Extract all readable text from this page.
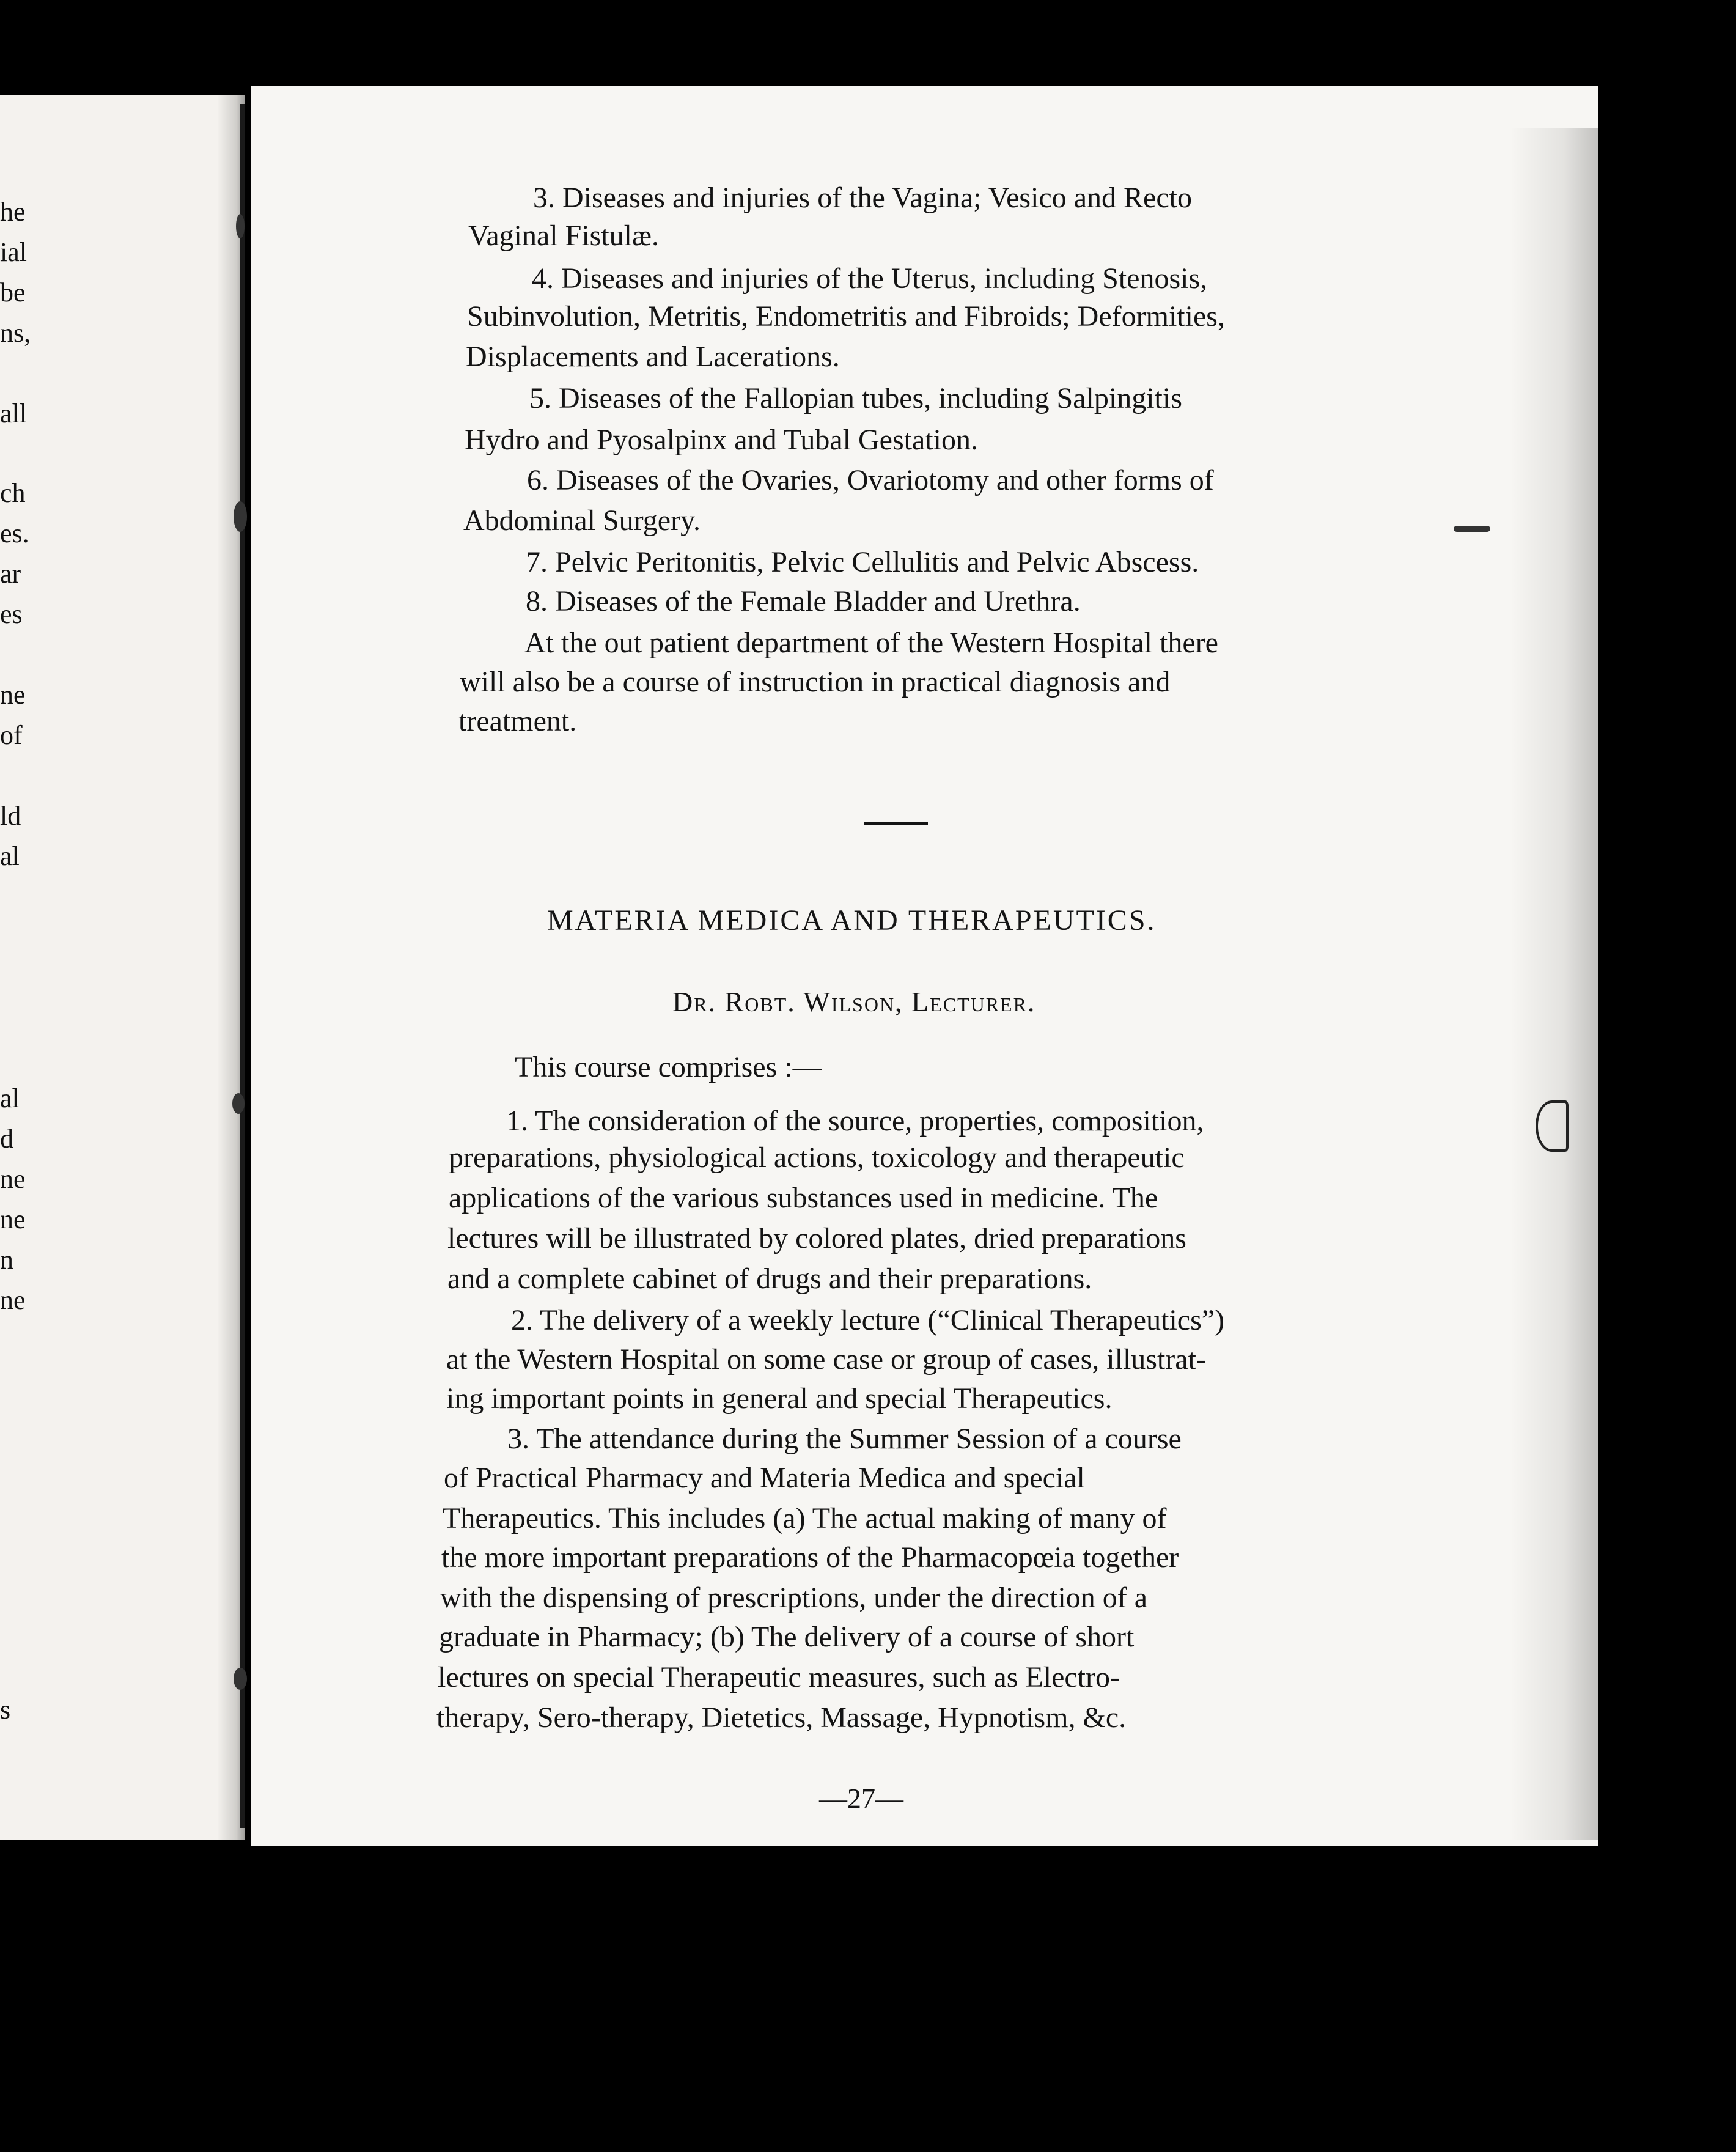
he
ial
be
ns,
all
ch
es.
ar
es
ne
of
ld
al
al
d
ne
ne
n
ne
s
3. Diseases and injuries of the Vagina; Vesico and Recto
Vaginal Fistulæ.
4. Diseases and injuries of the Uterus, including Stenosis,
Subinvolution, Metritis, Endometritis and Fibroids; Deformities,
Displacements and Lacerations.
5. Diseases of the Fallopian tubes, including Salpingitis
Hydro and Pyosalpinx and Tubal Gestation.
6. Diseases of the Ovaries, Ovariotomy and other forms of
Abdominal Surgery.
7. Pelvic Peritonitis, Pelvic Cellulitis and Pelvic Abscess.
8. Diseases of the Female Bladder and Urethra.
At the out patient department of the Western Hospital there
will also be a course of instruction in practical diagnosis and
treatment.
MATERIA MEDICA AND THERAPEUTICS.
Dr. Robt. Wilson, Lecturer.
This course comprises :—
1. The consideration of the source, properties, composition,
preparations, physiological actions, toxicology and therapeutic
applications of the various substances used in medicine. The
lectures will be illustrated by colored plates, dried preparations
and a complete cabinet of drugs and their preparations.
2. The delivery of a weekly lecture (“Clinical Therapeutics”)
at the Western Hospital on some case or group of cases, illustrat-
ing important points in general and special Therapeutics.
3. The attendance during the Summer Session of a course
of Practical Pharmacy and Materia Medica and special
Therapeutics. This includes (a) The actual making of many of
the more important preparations of the Pharmacopœia together
with the dispensing of prescriptions, under the direction of a
graduate in Pharmacy; (b) The delivery of a course of short
lectures on special Therapeutic measures, such as Electro-
therapy, Sero-therapy, Dietetics, Massage, Hypnotism, &c.
—27—
